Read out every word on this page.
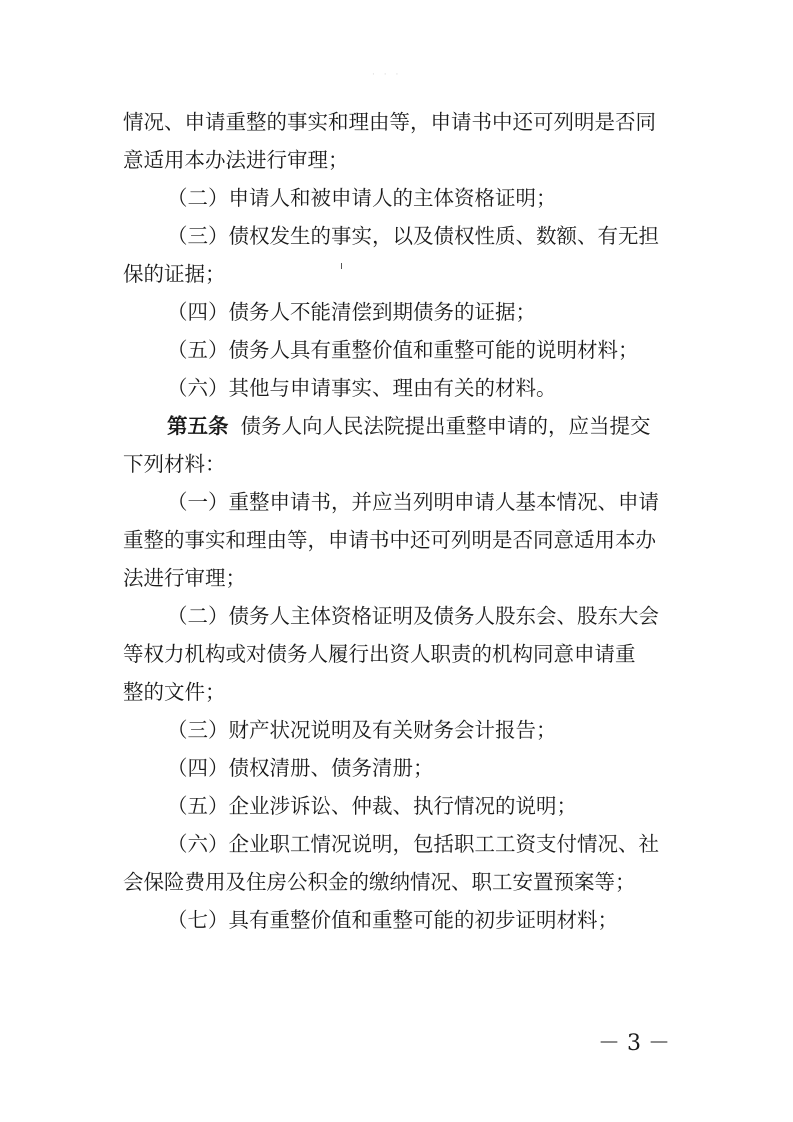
· · ·
情况、申请重整的事实和理由等，申请书中还可列明是否同
意适用本办法进行审理；
（二）申请人和被申请人的主体资格证明；
（三）债权发生的事实，以及债权性质、数额、有无担
保的证据；
（四）债务人不能清偿到期债务的证据；
（五）债务人具有重整价值和重整可能的说明材料；
（六）其他与申请事实、理由有关的材料。
第五条 债务人向人民法院提出重整申请的，应当提交
下列材料：
（一）重整申请书，并应当列明申请人基本情况、申请
重整的事实和理由等，申请书中还可列明是否同意适用本办
法进行审理；
（二）债务人主体资格证明及债务人股东会、股东大会
等权力机构或对债务人履行出资人职责的机构同意申请重
整的文件；
（三）财产状况说明及有关财务会计报告；
（四）债权清册、债务清册；
（五）企业涉诉讼、仲裁、执行情况的说明；
（六）企业职工情况说明，包括职工工资支付情况、社
会保险费用及住房公积金的缴纳情况、职工安置预案等；
（七）具有重整价值和重整可能的初步证明材料；
－ 3 －
